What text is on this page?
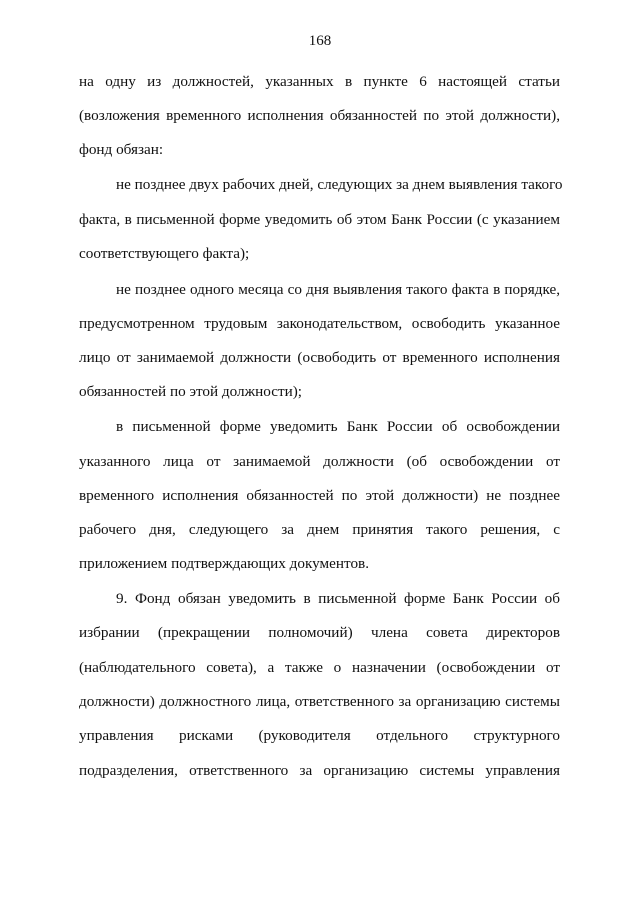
168
на одну из должностей, указанных в пункте 6 настоящей статьи
(возложения временного исполнения обязанностей по этой должности),
фонд обязан:
не позднее двух рабочих дней, следующих за днем выявления такого
факта, в письменной форме уведомить об этом Банк России (с указанием
соответствующего факта);
не позднее одного месяца со дня выявления такого факта в порядке,
предусмотренном трудовым законодательством, освободить указанное
лицо от занимаемой должности (освободить от временного исполнения
обязанностей по этой должности);
в письменной форме уведомить Банк России об освобождении
указанного лица от занимаемой должности (об освобождении от
временного исполнения обязанностей по этой должности) не позднее
рабочего дня, следующего за днем принятия такого решения, с
приложением подтверждающих документов.
9. Фонд обязан уведомить в письменной форме Банк России об
избрании (прекращении полномочий) члена совета директоров
(наблюдательного совета), а также о назначении (освобождении от
должности) должностного лица, ответственного за организацию системы
управления рисками (руководителя отдельного структурного
подразделения, ответственного за организацию системы управления
